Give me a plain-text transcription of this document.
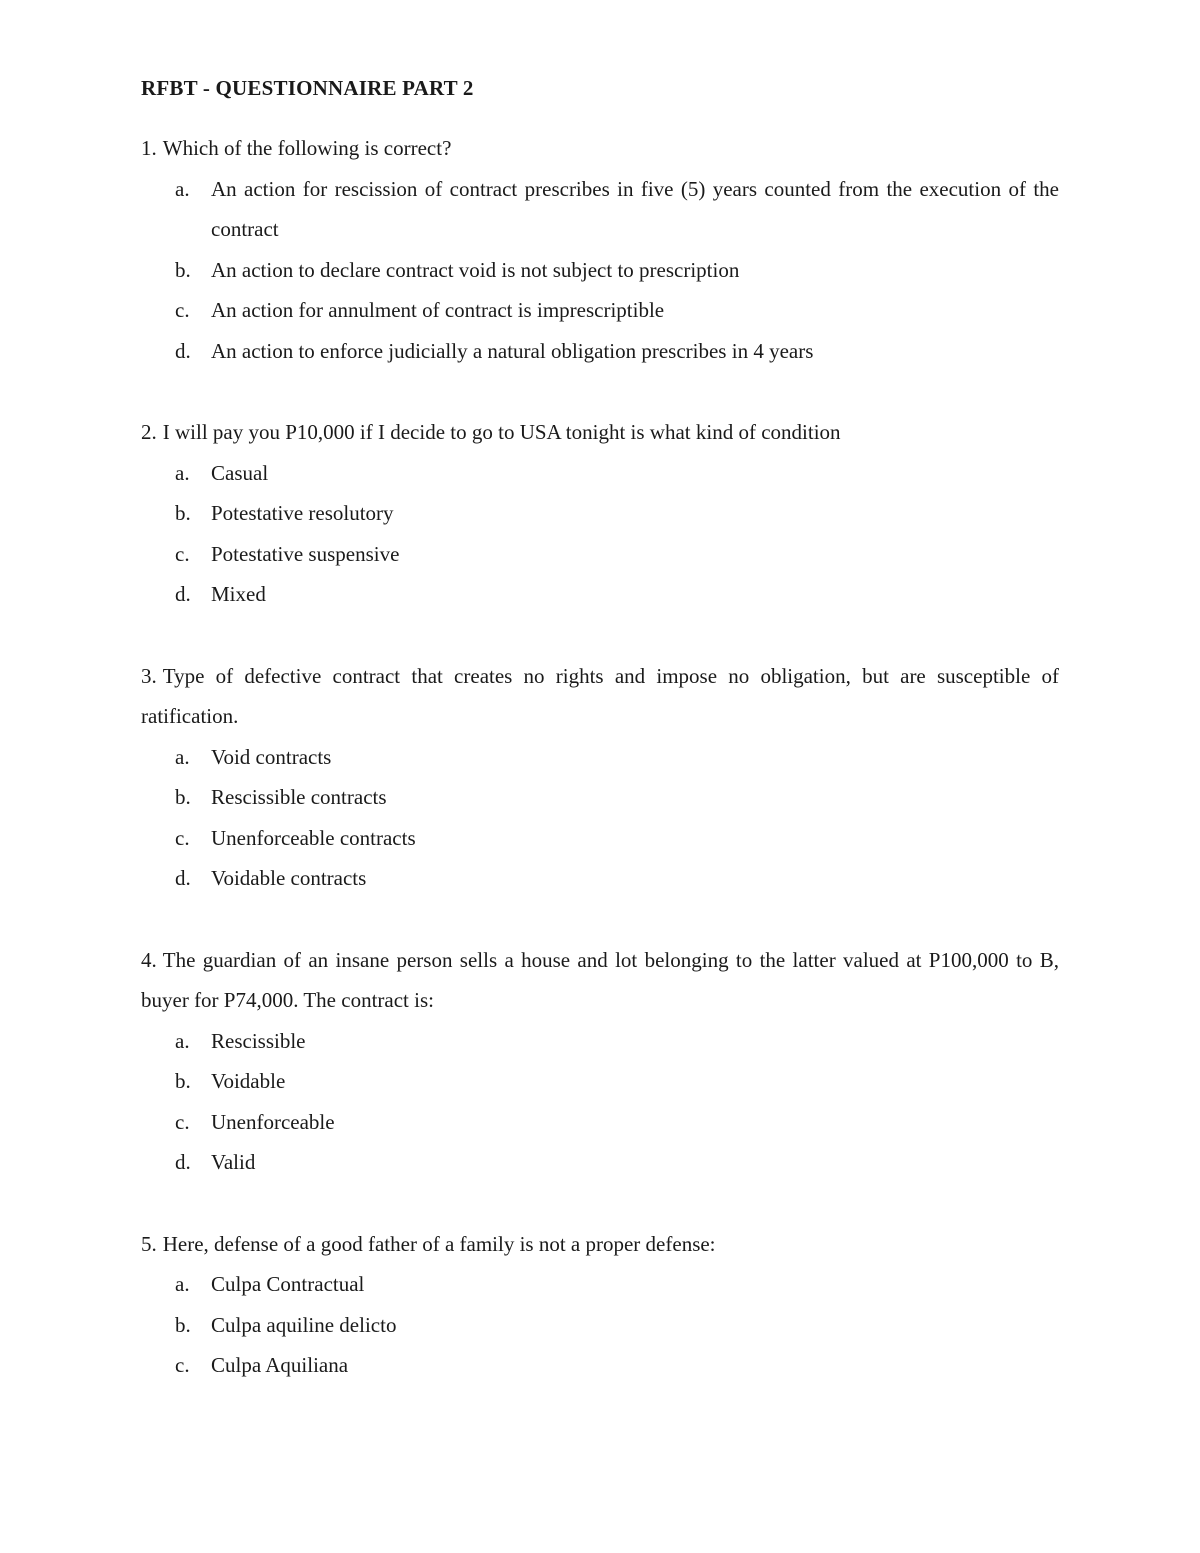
RFBT - QUESTIONNAIRE PART 2

1. Which of the following is correct?

a.	An action for rescission of contract prescribes in five (5) years counted from the execution of the contract
b. An action to declare contract void is not subject to prescription
c.	An action for annulment of contract is imprescriptible
d. An action to enforce judicially a natural obligation prescribes in 4 years

2. I will pay you P10,000 if I decide to go to USA tonight is what kind of condition

a.	Casual
b. Potestative resolutory
c.	Potestative suspensive
d. Mixed

3. Type of defective contract that creates no rights and impose no obligation, but are susceptible of ratification.

a.	Void contracts
b. Rescissible contracts
c.	Unenforceable contracts
d. Voidable contracts

4. The guardian of an insane person sells a house and lot belonging to the latter valued at P100,000 to B, buyer for P74,000. The contract is:

a.	Rescissible
b. Voidable
c.	Unenforceable
d. Valid

5. Here, defense of a good father of a family is not a proper defense:

a.	Culpa Contractual
b. Culpa aquiline delicto
c.	Culpa Aquiliana
